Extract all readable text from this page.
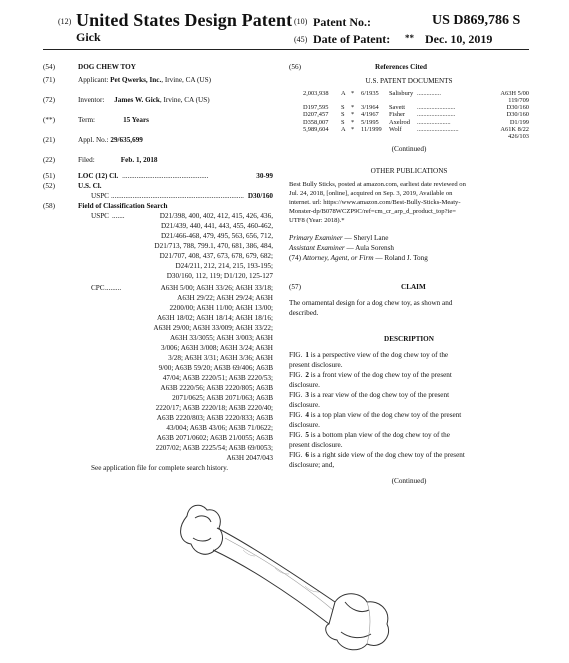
(12) United States Design Patent
Gick
(10) Patent No.:	US D869,786 S
(45) Date of Patent: ** Dec. 10, 2019
(54)	DOG CHEW TOY
(71)	Applicant: Pet Qwerks, Inc., Irvine, CA (US)
(72)	Inventor: James W. Gick, Irvine, CA (US)
(**)	Term:	15 Years
(21)	Appl. No.: 29/635,699
(22)	Filed:	Feb. 1, 2018
(51)	LOC (12) Cl. ................................................	30-99
(52)	U.S. Cl.
USPC .......................................................................... D30/160
(58)	Field of Classification Search
USPC .......	D21/398, 400, 402, 412, 415, 426, 436,
D21/439, 440, 441, 443, 455, 460-462,
D21/466-468, 479, 495, 563, 656, 712,
D21/713, 788, 799.1, 470, 681, 386, 484,
D21/707, 408, 437, 673, 678, 679, 682;
D24/211, 212, 214, 215, 193-195;
D30/160, 112, 119; D1/120, 125-127
CPC .........	A63H 5/00; A63H 33/26; A63H 33/18;
A63H 29/22; A63H 29/24; A63H
2200/00; A63H 11/00; A63H 13/00;
A63H 18/02; A63H 18/14; A63H 18/16;
A63H 29/00; A63H 33/009; A63H 33/22;
A63H 33/3055; A63H 3/003; A63H
3/006; A63H 3/008; A63H 3/24; A63H
3/28; A63H 3/31; A63H 3/36; A63H
9/00; A63B 59/20; A63B 69/406; A63B
47/04; A63B 2220/51; A63B 2220/53;
A63B 2220/56; A63B 2220/805; A63B
2071/0625; A63B 2071/063; A63B
2220/17; A63B 2220/18; A63B 2220/40;
A63B 2220/803; A63B 2220/833; A63B
43/004; A63B 43/06; A63B 71/0622;
A63B 2071/0602; A63B 21/0055; A63B
2207/02; A63B 2225/54; A63B 69/0053;
A63H 2047/043
See application file for complete search history.
(56)	References Cited
U.S. PATENT DOCUMENTS
2,003,938 A * 6/1935 Salisbury ...............	A63H 5/00
119/709
D197,595 S * 3/1964 Savett ........................	D30/160
D207,457 S * 4/1967 Fisher ........................	D30/160
D358,007 S * 5/1995 Axelrod .....................	D1/199
5,989,604 A * 11/1999 Wolf ..........................	A61K 8/22
426/103
(Continued)
OTHER PUBLICATIONS
Best Bully Sticks, posted at amazon.com, earliest date reviewed on
Jul. 24, 2018, [online], acquired on Sep. 3, 2019, Available on
internet. url: https://www.amazon.com/Best-Bully-Sticks-Meaty-
Monster-dp/B078WCZP9C/ref=cm_cr_arp_d_product_top?ie=
UTF8 (Year: 2018).*
Primary Examiner — Sheryl Lane
Assistant Examiner — Aula Sorensh
(74) Attorney, Agent, or Firm — Roland J. Tong
(57)	CLAIM
The ornamental design for a dog chew toy, as shown and
described.
DESCRIPTION
FIG. 1 is a perspective view of the dog chew toy of the
present disclosure.
FIG. 2 is a front view of the dog chew toy of the present
disclosure.
FIG. 3 is a rear view of the dog chew toy of the present
disclosure.
FIG. 4 is a top plan view of the dog chew toy of the present
disclosure.
FIG. 5 is a bottom plan view of the dog chew toy of the
present disclosure.
FIG. 6 is a right side view of the dog chew toy of the present
disclosure; and,
(Continued)
